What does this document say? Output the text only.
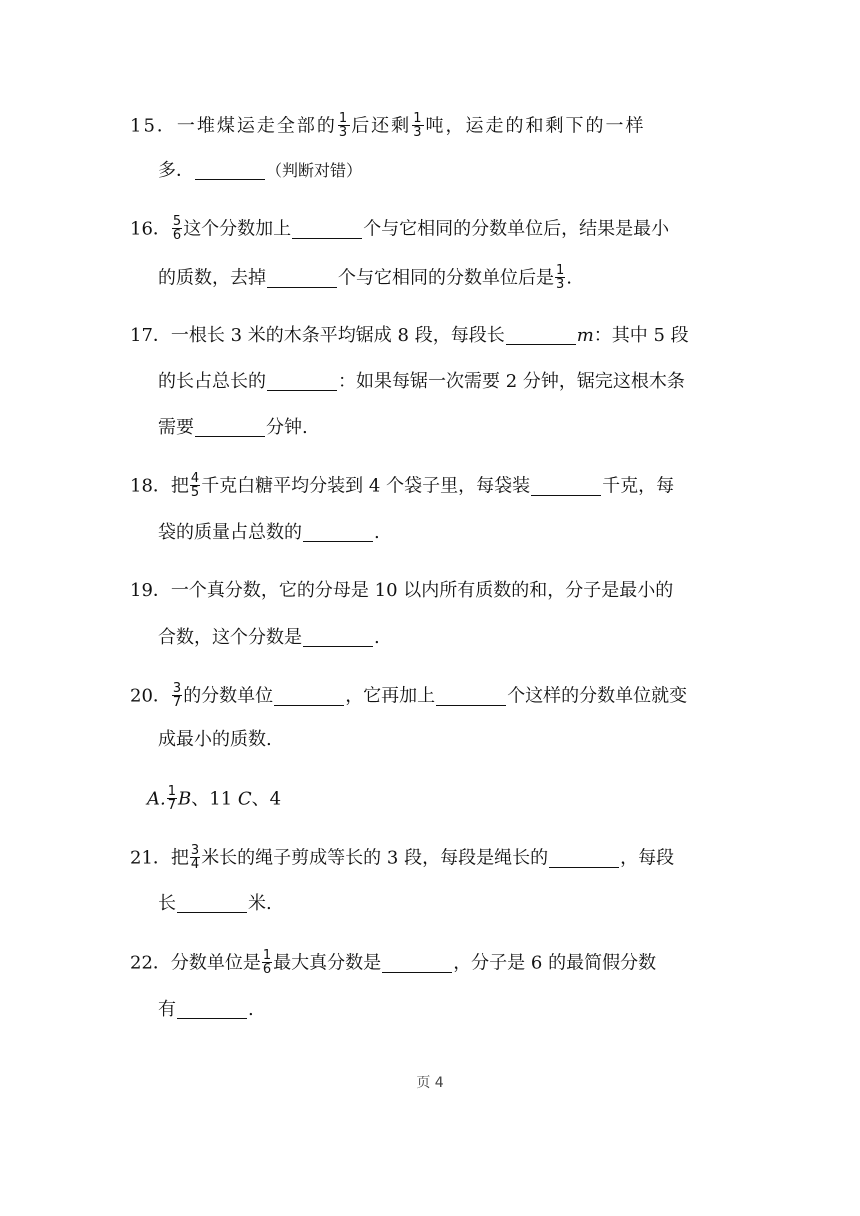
15．一堆煤运走全部的 $\frac{1}{3}$ 后还剩 $\frac{1}{3}$ 吨，运走的和剩下的一样
多．	（判断对错）
16． $\frac{5}{6}$ 这个分数加上	个与它相同的分数单位后，结果是最小
的质数，去掉	个与它相同的分数单位后是 $\frac{1}{3}$ .
17．一根长 3 米的木条平均锯成 8 段，每段长	m：其中 5 段
的长占总长的	：如果每锯一次需要 2 分钟，锯完这根木条
需要	分钟.
18．把 $\frac{4}{5}$ 千克白糖平均分装到 4 个袋子里，每袋装	千克，每
袋的质量占总数的	.
19．一个真分数，它的分母是 10 以内所有质数的和，分子是最小的
合数，这个分数是	.
20． $\frac{3}{7}$ 的分数单位	，它再加上	个这样的分数单位就变
成最小的质数.
A. $\frac{1}{7}$ B、11 C、4
21．把 $\frac{3}{4}$ 米长的绳子剪成等长的 3 段，每段是绳长的	，每段
长	米.
22．分数单位是 $\frac{1}{6}$ 最大真分数是	，分子是 6 的最简假分数
有	.
页 4
